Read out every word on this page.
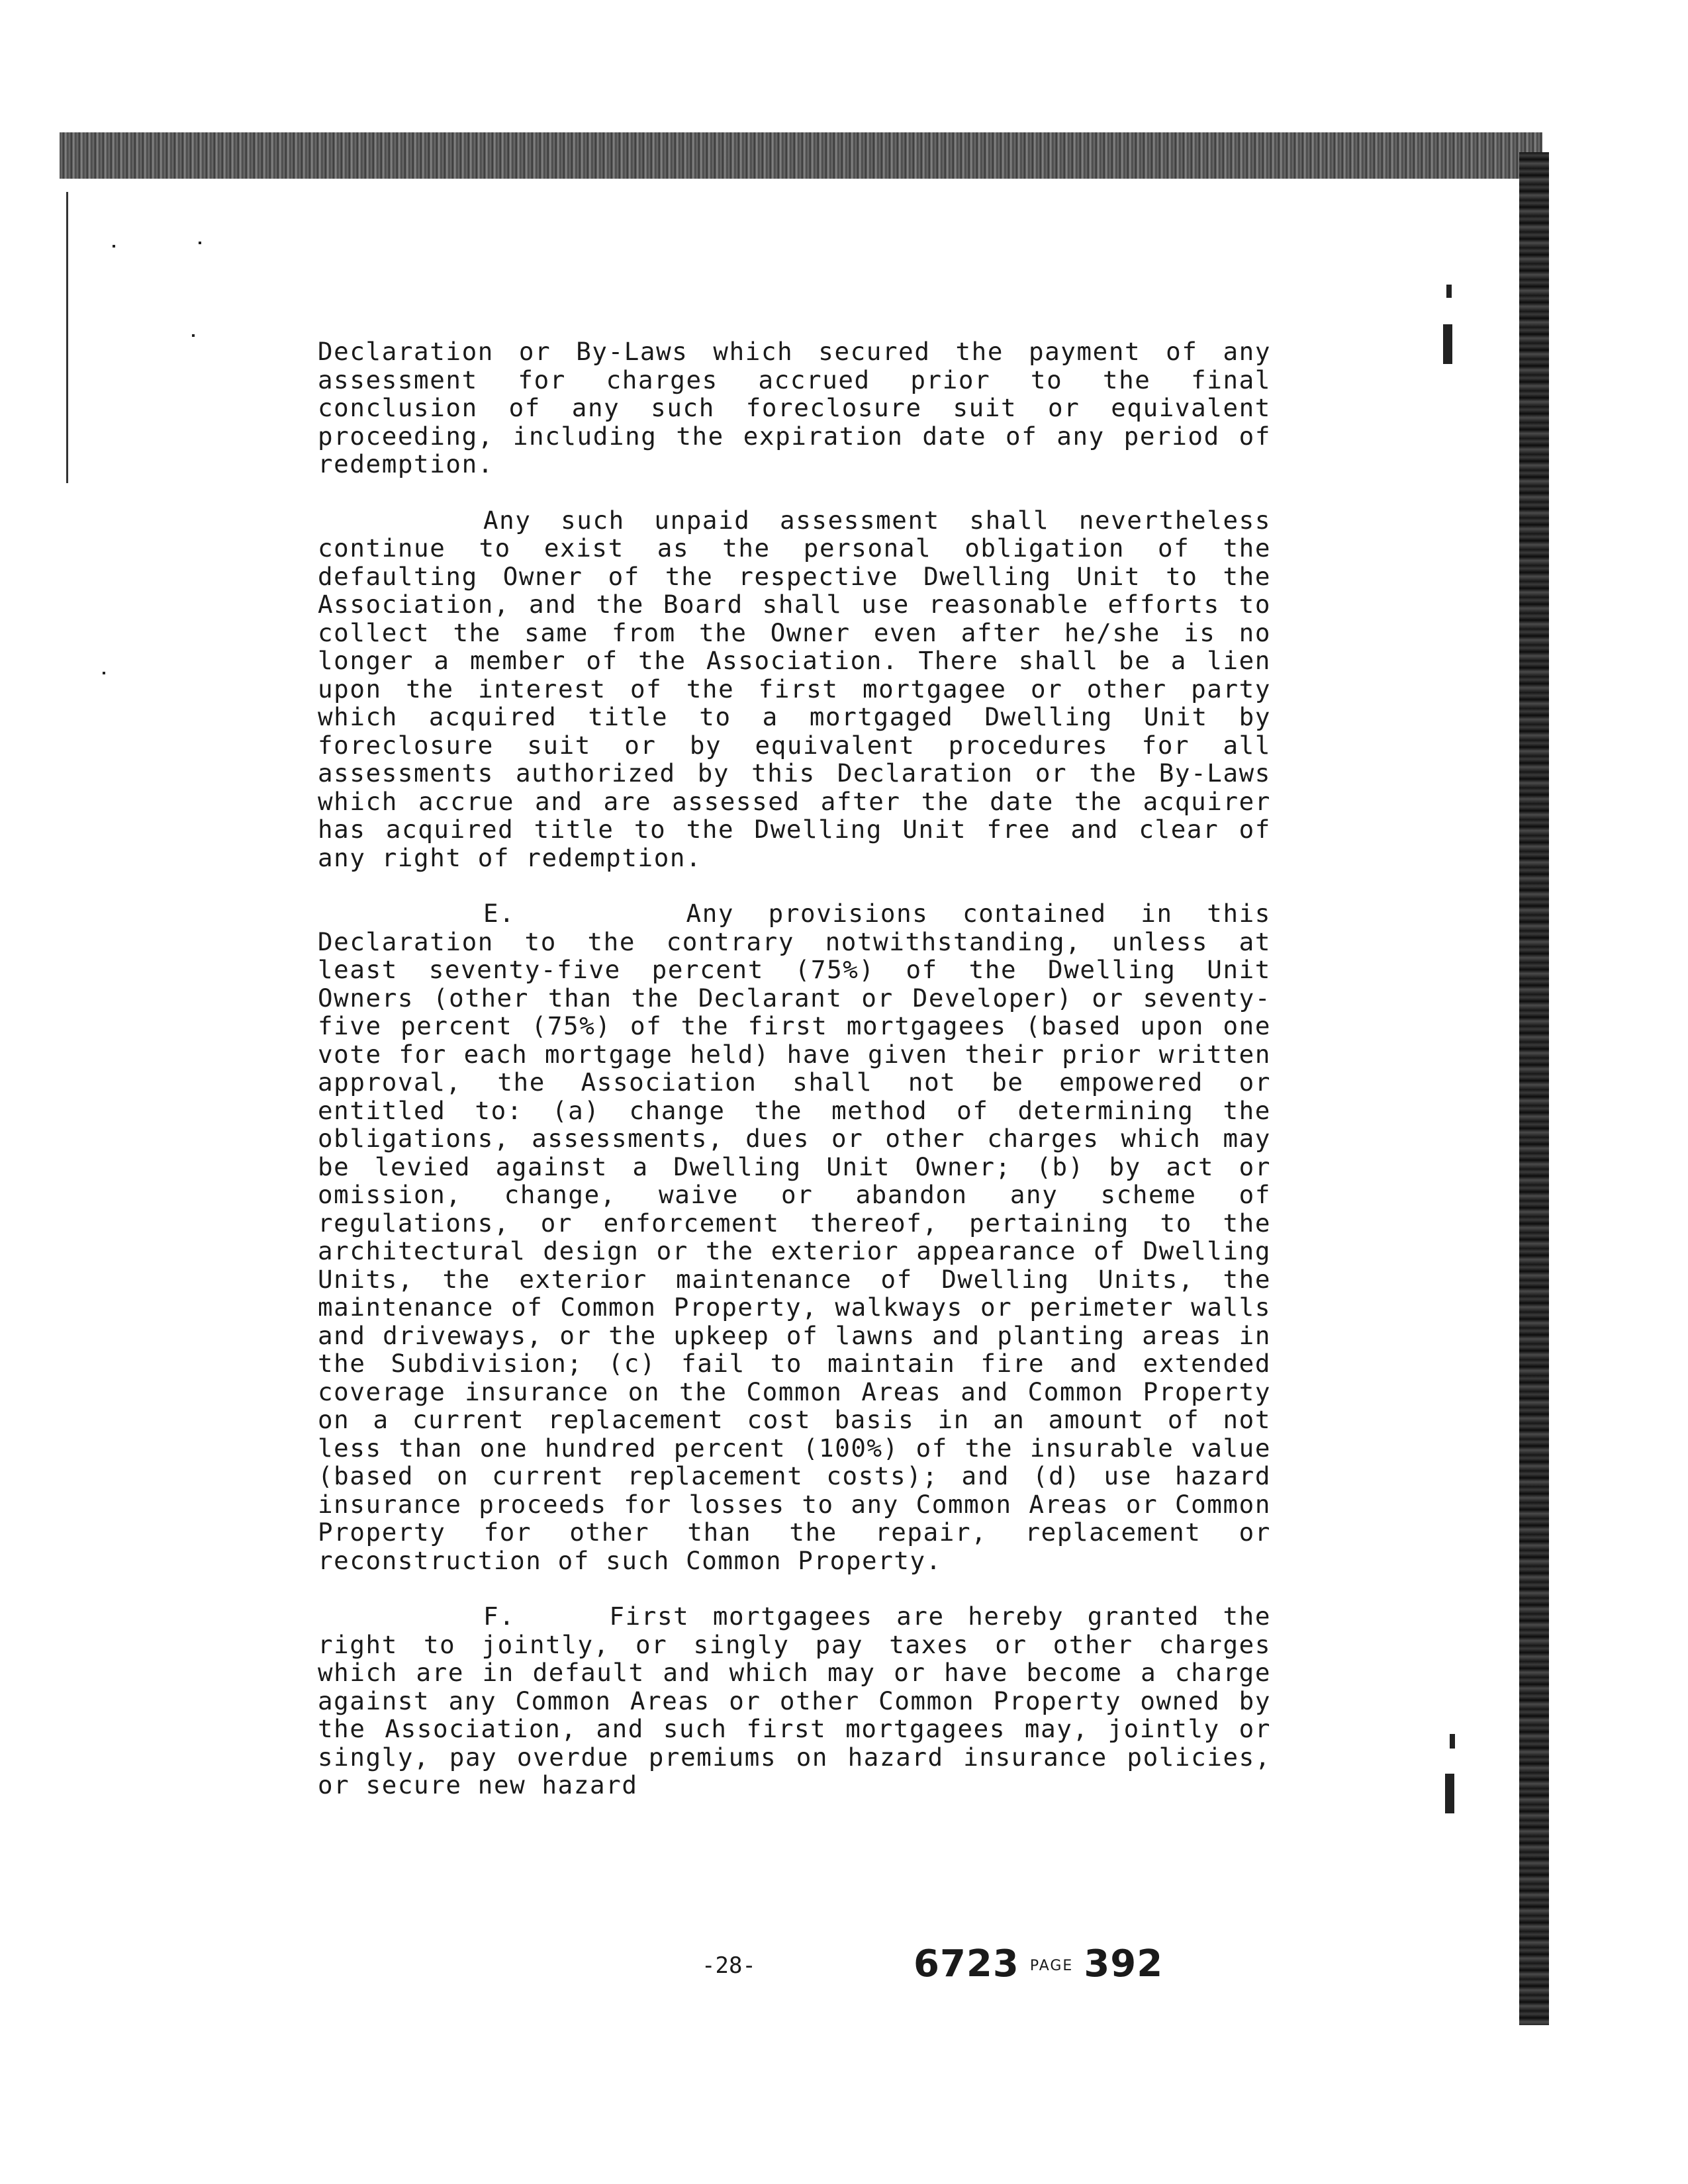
Declaration or By-Laws which secured the payment of any assessment for charges accrued prior to the final conclusion of any such foreclosure suit or equivalent proceeding, including the expiration date of any period of redemption.

Any such unpaid assessment shall nevertheless continue to exist as the personal obligation of the defaulting Owner of the respective Dwelling Unit to the Association, and the Board shall use reasonable efforts to collect the same from the Owner even after he/she is no longer a member of the Association. There shall be a lien upon the interest of the first mortgagee or other party which acquired title to a mortgaged Dwelling Unit by foreclosure suit or by equivalent procedures for all assessments authorized by this Declaration or the By-Laws which accrue and are assessed after the date the acquirer has acquired title to the Dwelling Unit free and clear of any right of redemption.

E.	Any provisions contained in this Declaration to the contrary notwithstanding, unless at least seventy-five percent (75%) of the Dwelling Unit Owners (other than the Declarant or Developer) or seventy-five percent (75%) of the first mortgagees (based upon one vote for each mortgage held) have given their prior written approval, the Association shall not be empowered or entitled to: (a) change the method of determining the obligations, assessments, dues or other charges which may be levied against a Dwelling Unit Owner; (b) by act or omission, change, waive or abandon any scheme of regulations, or enforcement thereof, pertaining to the architectural design or the exterior appearance of Dwelling Units, the exterior maintenance of Dwelling Units, the maintenance of Common Property, walkways or perimeter walls and driveways, or the upkeep of lawns and planting areas in the Subdivision; (c) fail to maintain fire and extended coverage insurance on the Common Areas and Common Property on a current replacement cost basis in an amount of not less than one hundred percent (100%) of the insurable value (based on current replacement costs); and (d) use hazard insurance proceeds for losses to any Common Areas or Common Property for other than the repair, replacement or reconstruction of such Common Property.

F.	First mortgagees are hereby granted the right to jointly, or singly pay taxes or other charges which are in default and which may or have become a charge against any Common Areas or other Common Property owned by the Association, and such first mortgagees may, jointly or singly, pay overdue premiums on hazard insurance policies, or secure new hazard

-28-	6723 PAGE 392
